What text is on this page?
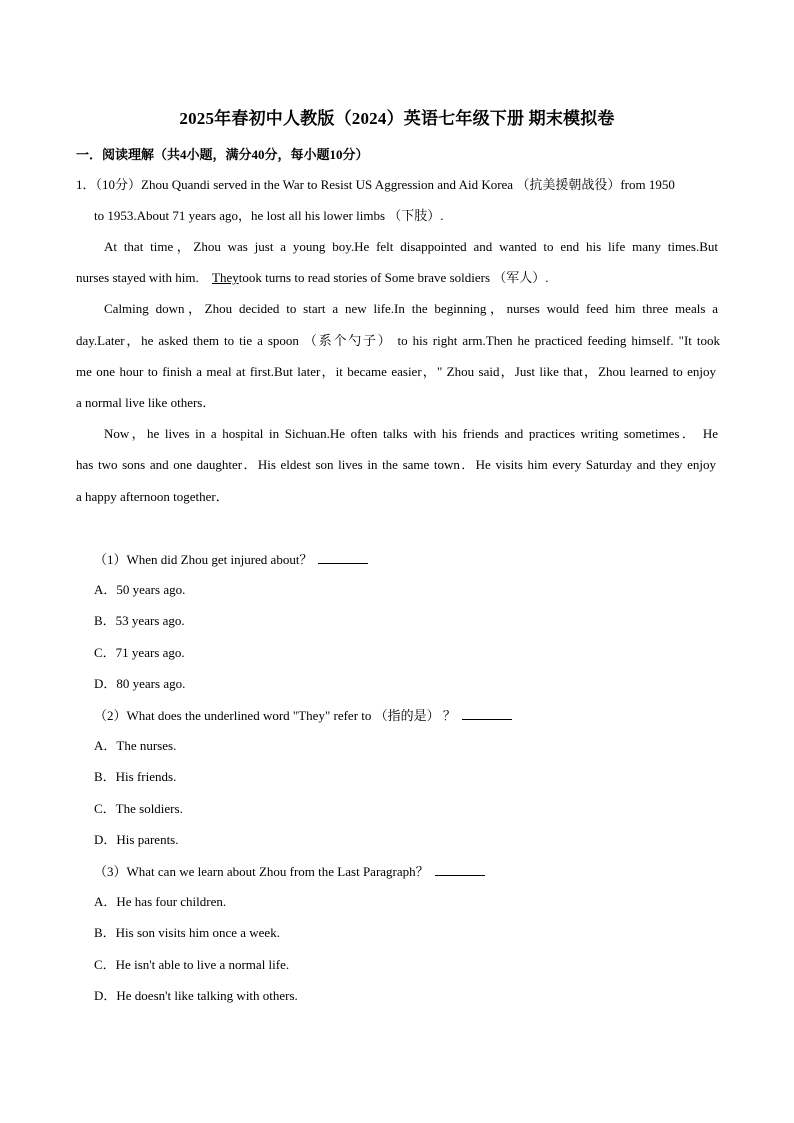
2025年春初中人教版（2024）英语七年级下册 期末模拟卷
一．阅读理解（共4小题，满分40分，每小题10分）
1．（10分）Zhou Quandi served in the War to Resist US Aggression and Aid Korea （抗美援朝战役）from 1950
to 1953.About 71 years ago，he lost all his lower limbs （下肢）.
At that time，Zhou was just a young boy.He felt disappointed and wanted to end his life many times.But
nurses stayed with him. Theytook turns to read stories of Some brave soldiers （军人）.
Calming down，Zhou decided to start a new life.In the beginning，nurses would feed him three meals a
day.Later，he asked them to tie a spoon （系个勺子） to his right arm.Then he practiced feeding himself. "It took
me one hour to finish a meal at first.But later，it became easier，" Zhou said，Just like that，Zhou learned to enjoy
a normal live like others．
Now，he lives in a hospital in Sichuan.He often talks with his friends and practices writing sometimes． He
has two sons and one daughter．His eldest son lives in the same town．He visits him every Saturday and they enjoy
a happy afternoon together．
（1）When did Zhou get injured about？
A．50 years ago.
B．53 years ago.
C．71 years ago.
D．80 years ago.
（2）What does the underlined word "They" refer to （指的是） ？
A．The nurses.
B．His friends.
C．The soldiers.
D．His parents.
（3）What can we learn about Zhou from the Last Paragraph？
A．He has four children.
B．His son visits him once a week.
C．He isn't able to live a normal life.
D．He doesn't like talking with others.
